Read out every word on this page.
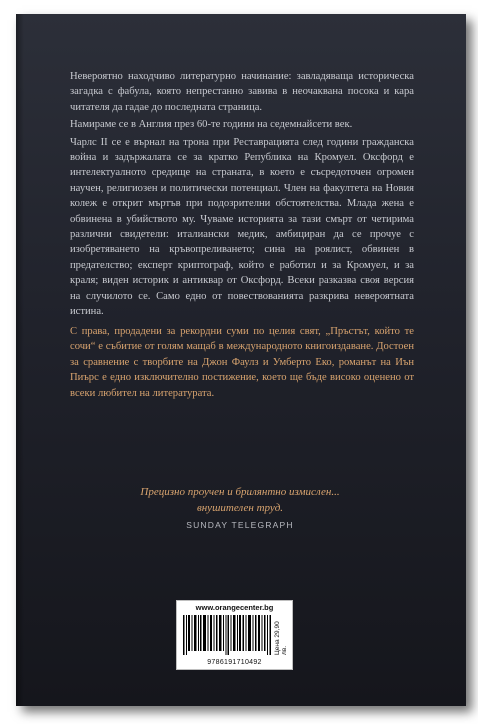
Невероятно находчиво литературно начинание: завладяваща историческа загадка с фабула, която непрестанно завива в неочаквана посока и кара читателя да гадае до последната страница.

Намираме се в Англия през 60-те години на седемнайсети век.

Чарлс II се е върнал на трона при Реставрацията след години гражданска война и задържалата се за кратко Република на Кромуел. Оксфорд е интелектуалното средище на страната, в което е съсредоточен огромен научен, религиозен и политически потенциал. Член на факултета на Новия колеж е открит мъртъв при подозрителни обстоятелства. Млада жена е обвинена в убийството му. Чуваме историята за тази смърт от четирима различни свидетели: италиански медик, амбициран да се прочуе с изобретяването на кръвопреливането; сина на роялист, обвинен в предателство; експерт криптограф, който е работил и за Кромуел, и за краля; виден историк и антиквар от Оксфорд. Всеки разказва своя версия на случилото се. Само едно от повествованията разкрива невероятната истина.

С права, продадени за рекордни суми по целия свят, „Пръстът, който те сочи“ е събитие от голям мащаб в международното книгоиздаване. Достоен за сравнение с творбите на Джон Фаулз и Умберто Еко, романът на Иън Пиърс е едно изключително постижение, което ще бъде високо оценено от всеки любител на литературата.

Прецизно проучен и брилянтно измислен...
внушителен труд.
SUNDAY TELEGRAPH
www.orangecenter.bg
Цена 29,90 лв.
9786191710492
